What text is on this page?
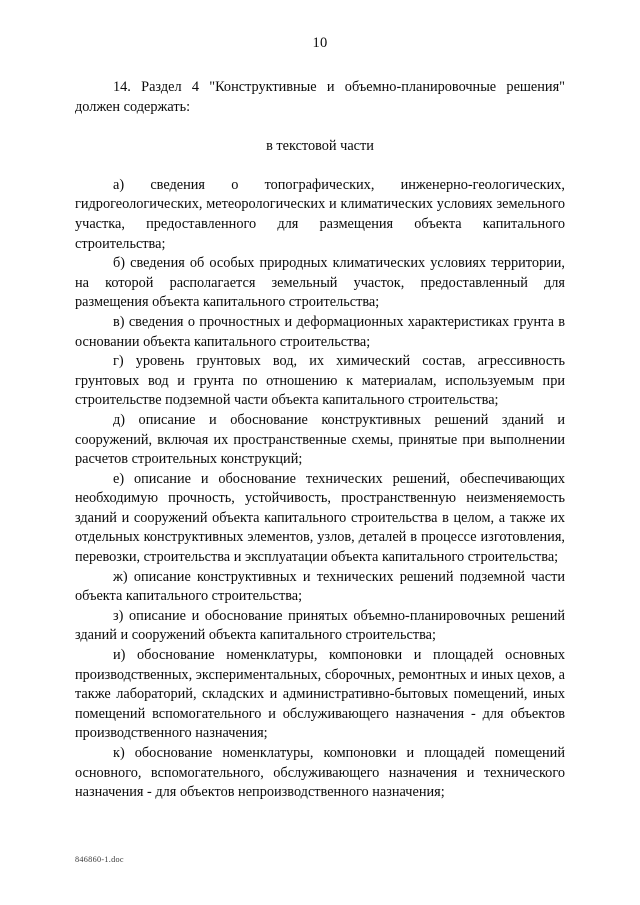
10

14. Раздел 4 "Конструктивные и объемно-планировочные решения" должен содержать:

в текстовой части

а) сведения о топографических, инженерно-геологических, гидрогеологических, метеорологических и климатических условиях земельного участка, предоставленного для размещения объекта капитального строительства;

б) сведения об особых природных климатических условиях территории, на которой располагается земельный участок, предоставленный для размещения объекта капитального строительства;

в) сведения о прочностных и деформационных характеристиках грунта в основании объекта капитального строительства;

г) уровень грунтовых вод, их химический состав, агрессивность грунтовых вод и грунта по отношению к материалам, используемым при строительстве подземной части объекта капитального строительства;

д) описание и обоснование конструктивных решений зданий и сооружений, включая их пространственные схемы, принятые при выполнении расчетов строительных конструкций;

е) описание и обоснование технических решений, обеспечивающих необходимую прочность, устойчивость, пространственную неизменяемость зданий и сооружений объекта капитального строительства в целом, а также их отдельных конструктивных элементов, узлов, деталей в процессе изготовления, перевозки, строительства и эксплуатации объекта капитального строительства;

ж) описание конструктивных и технических решений подземной части объекта капитального строительства;

з) описание и обоснование принятых объемно-планировочных решений зданий и сооружений объекта капитального строительства;

и) обоснование номенклатуры, компоновки и площадей основных производственных, экспериментальных, сборочных, ремонтных и иных цехов, а также лабораторий, складских и административно-бытовых помещений, иных помещений вспомогательного и обслуживающего назначения - для объектов производственного назначения;

к) обоснование номенклатуры, компоновки и площадей помещений основного, вспомогательного, обслуживающего назначения и технического назначения - для объектов непроизводственного назначения;

846860-1.doc
